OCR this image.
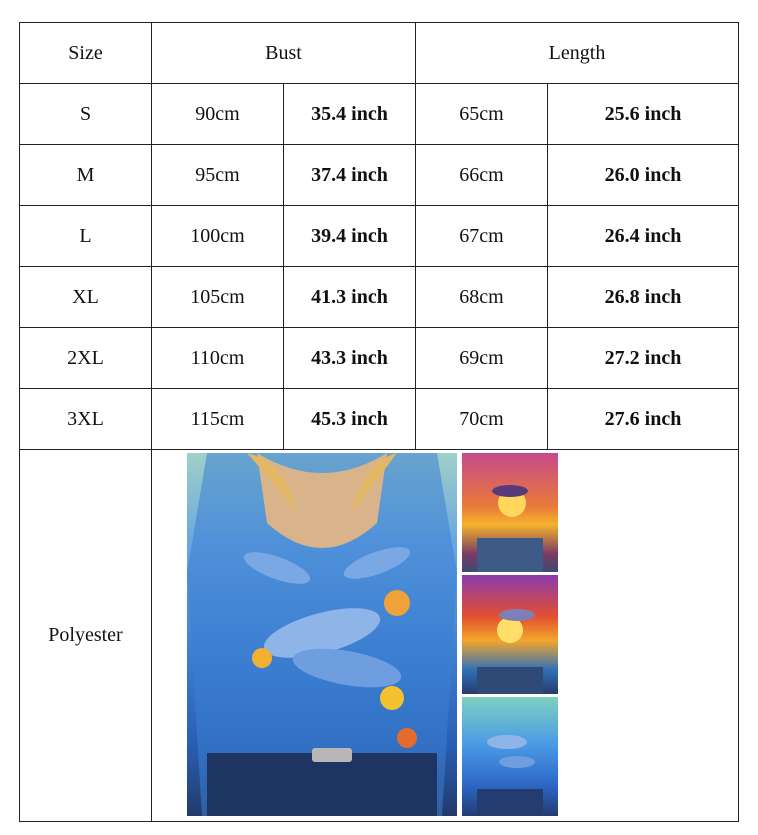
Size	Bust		Length	
S	90cm	35.4 inch	65cm	25.6 inch
M	95cm	37.4 inch	66cm	26.0 inch
L	100cm	39.4 inch	67cm	26.4 inch
XL	105cm	41.3 inch	68cm	26.8 inch
2XL	110cm	43.3 inch	69cm	27.2 inch
3XL	115cm	45.3 inch	70cm	27.6 inch
Polyester	
